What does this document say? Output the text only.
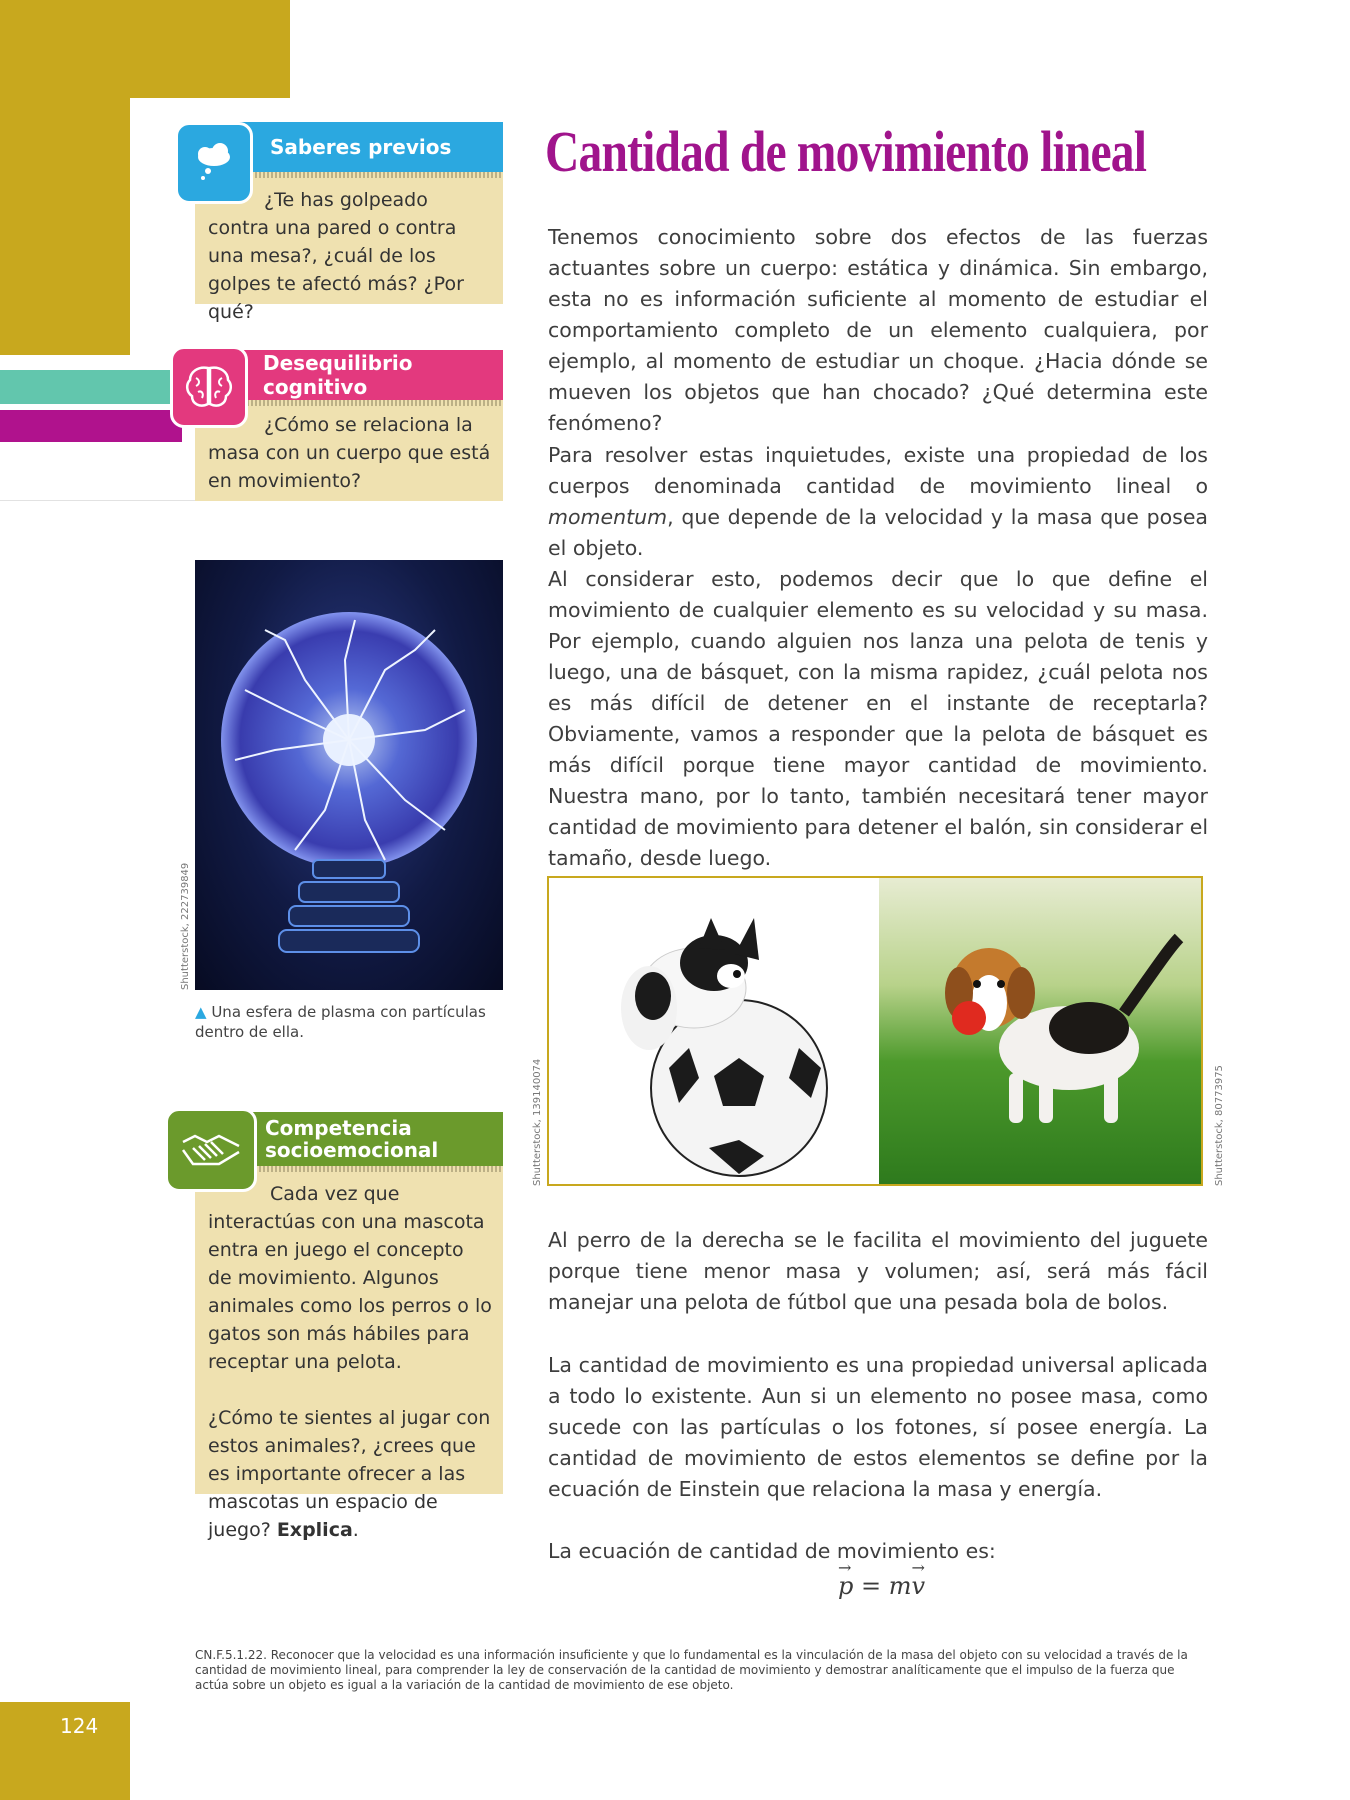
124
Saberes previos

¿Te has golpeado contra una pared o contra una mesa?, ¿cuál de los golpes te afectó más? ¿Por qué?

Desequilibrio cognitivo

¿Cómo se relaciona la masa con un cuerpo que está en movimiento?

Cantidad de movimiento lineal

Tenemos conocimiento sobre dos efectos de las fuerzas actuantes sobre un cuerpo: estática y dinámica. Sin embargo, esta no es información suficiente al momento de estudiar el comportamiento completo de un elemento cualquiera, por ejemplo, al momento de estudiar un choque. ¿Hacia dónde se mueven los objetos que han chocado? ¿Qué determina este fenómeno?

Para resolver estas inquietudes, existe una propiedad de los cuerpos denominada cantidad de movimiento lineal o momentum, que depende de la velocidad y la masa que posea el objeto.

Al considerar esto, podemos decir que lo que define el movimiento de cualquier elemento es su velocidad y su masa. Por ejemplo, cuando alguien nos lanza una pelota de tenis y luego, una de básquet, con la misma rapidez, ¿cuál pelota nos es más difícil de detener en el instante de receptarla? Obviamente, vamos a responder que la pelota de básquet es más difícil porque tiene mayor cantidad de movimiento. Nuestra mano, por lo tanto, también necesitará tener mayor cantidad de movimiento para detener el balón, sin considerar el tamaño, desde luego.

Shutterstock, 222739849
▲ Una esfera de plasma con partículas dentro de ella.
Shutterstock, 139140074	Shutterstock, 80773975
Competencia
socioemocional

Cada vez que interactúas con una mascota entra en juego el concepto de movimiento. Algunos animales como los perros o lo gatos son más hábiles para receptar una pelota.

¿Cómo te sientes al jugar con estos animales?, ¿crees que es importante ofrecer a las mascotas un espacio de juego? Explica.

Al perro de la derecha se le facilita el movimiento del juguete porque tiene menor masa y volumen; así, será más fácil manejar una pelota de fútbol que una pesada bola de bolos.

La cantidad de movimiento es una propiedad universal aplicada a todo lo existente. Aun si un elemento no posee masa, como sucede con las partículas o los fotones, sí posee energía. La cantidad de movimiento de estos elementos se define por la ecuación de Einstein que relaciona la masa y energía.

La ecuación de cantidad de movimiento es:

→
p = m
→
v
CN.F.5.1.22. Reconocer que la velocidad es una información insuficiente y que lo fundamental es la vinculación de la masa del objeto con su velocidad a través de la cantidad de movimiento lineal, para comprender la ley de conservación de la cantidad de movimiento y demostrar analíticamente que el impulso de la fuerza que actúa sobre un objeto es igual a la variación de la cantidad de movimiento de ese objeto.
